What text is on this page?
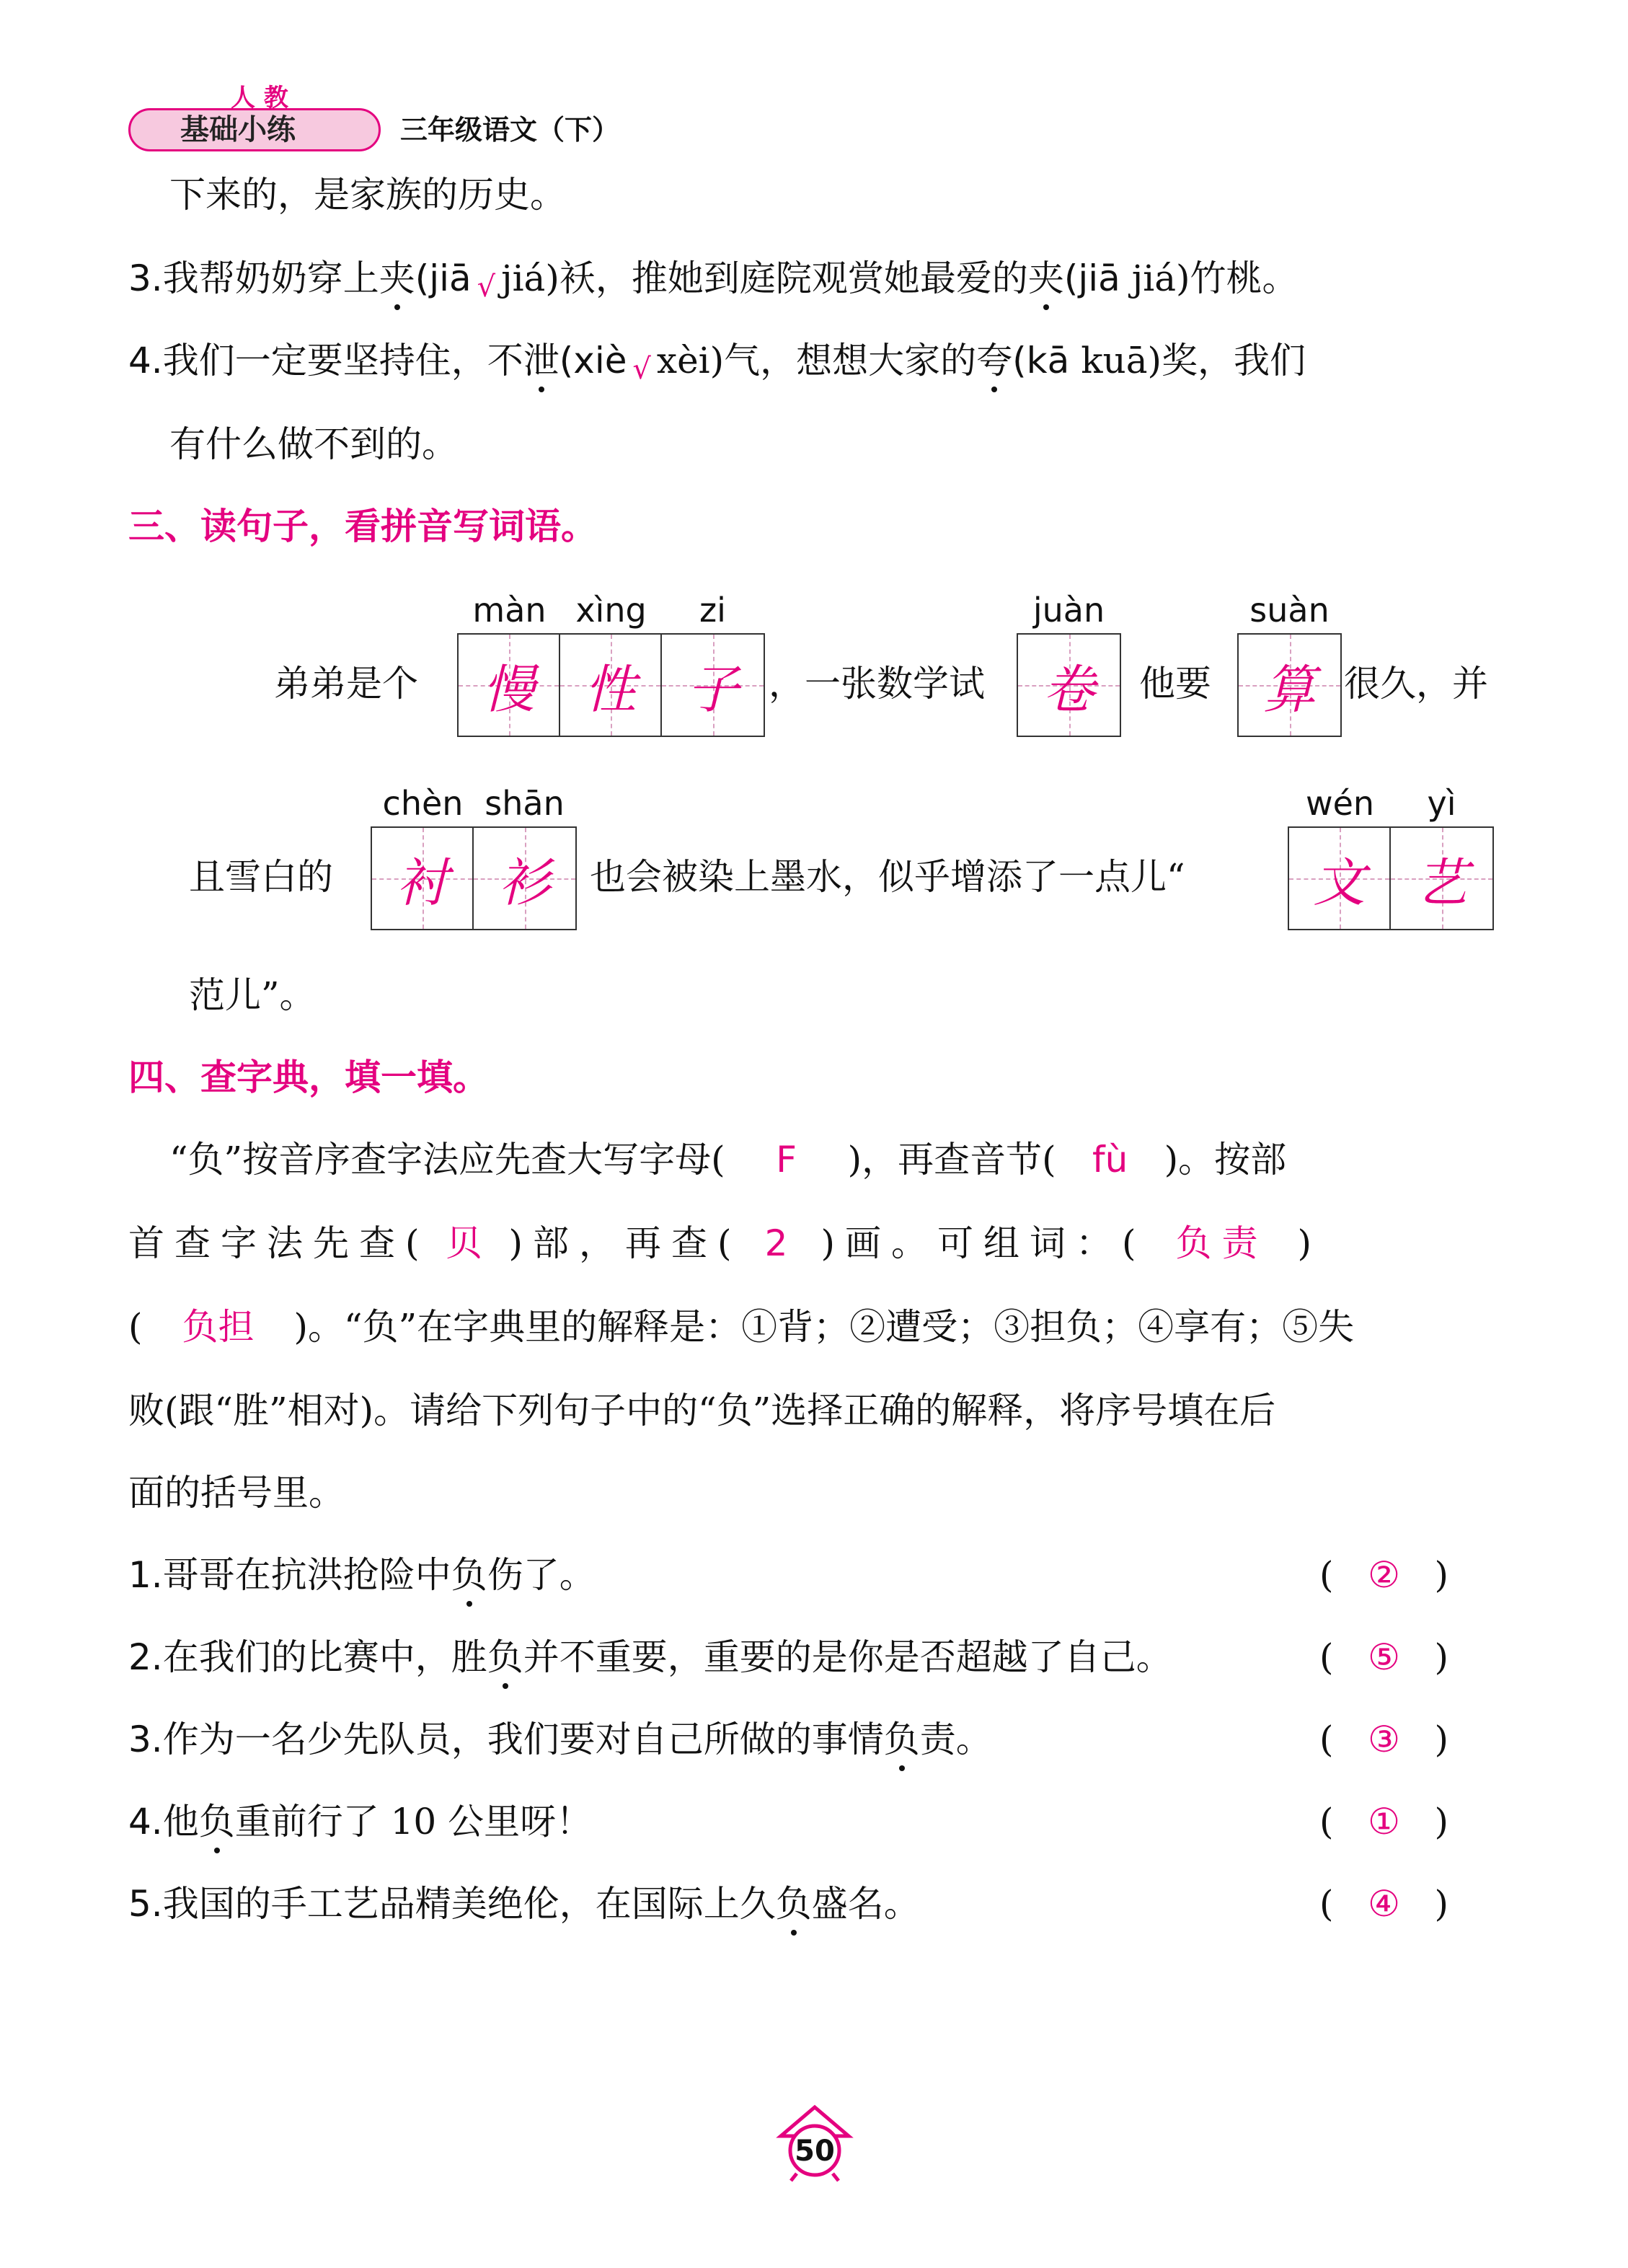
人 教
基础小练	三年级语文（下）
下来的，是家族的历史。
3.我帮奶奶穿上夹(jiā √ jiá)袄，推她到庭院观赏她最爱的夹(jiā jiá)竹桃。
4.我们一定要坚持住，不泄(xiè √ xèi)气，想想大家的夸(kā kuā)奖，我们
有什么做不到的。
三、读句子，看拼音写词语。
màn xìng	zi	juàn	suàn
弟弟是个	慢 性 子 ，一张数学试	卷	他要	算 很久，并
chèn shān	wén	yì
且雪白的	衬 衫	也会被染上墨水，似乎增添了一点儿“	文 艺
范儿”。
四、查字典，填一填。
“负”按音序查字法应先查大写字母( F )，再查音节( fù )。按部
首查字法先查( 贝 )部，再查( 2 )画。可组词：( 负责 )
( 负担 )。“负”在字典里的解释是：①背；②遭受；③担负；④享有；⑤失
败(跟“胜”相对)。请给下列句子中的“负”选择正确的解释，将序号填在后
面的括号里。
1.哥哥在抗洪抢险中负伤了。	( ② )
2.在我们的比赛中，胜负并不重要，重要的是你是否超越了自己。	( ⑤ )
3.作为一名少先队员，我们要对自己所做的事情负责。	( ③ )
4.他负重前行了 10 公里呀！	( ① )
5.我国的手工艺品精美绝伦，在国际上久负盛名。	( ④ )
50
